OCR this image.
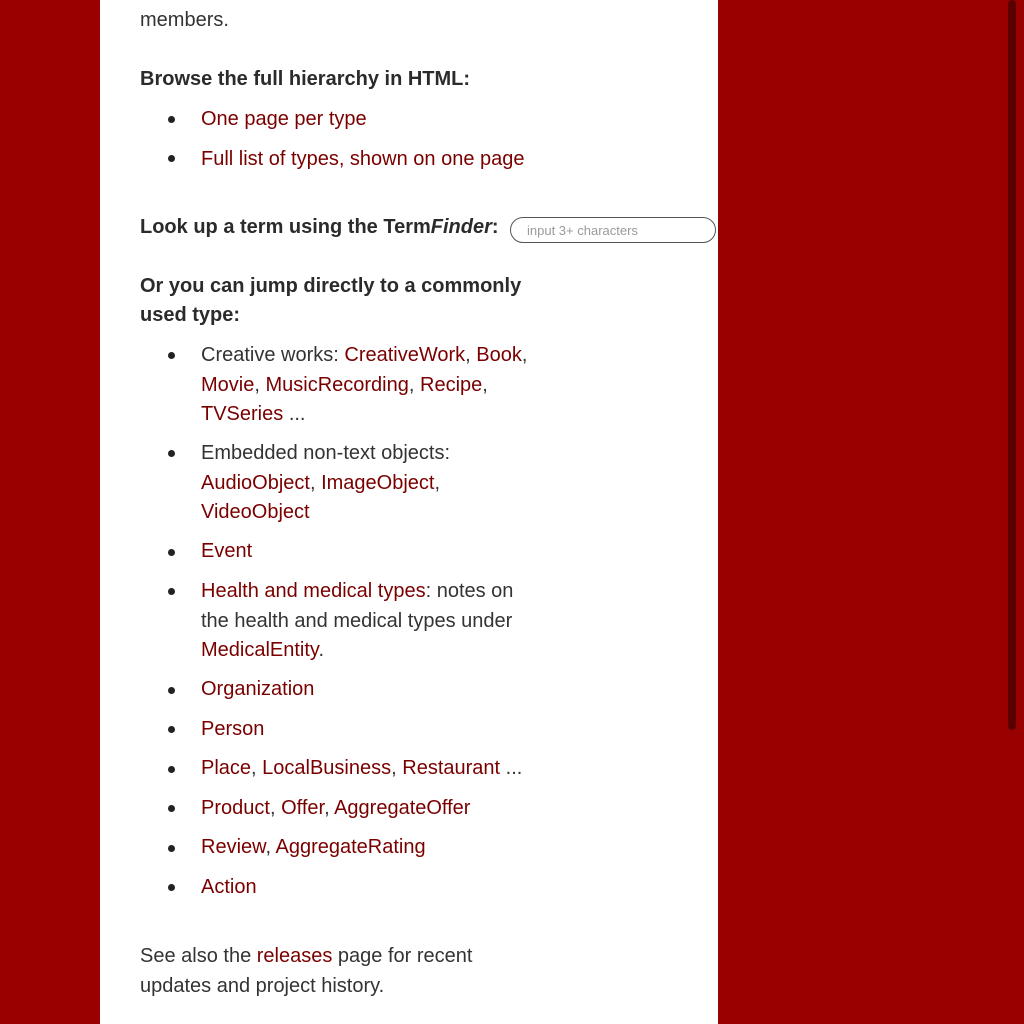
members.
Browse the full hierarchy in HTML:
One page per type
Full list of types, shown on one page
Look up a term using the TermFinder:
Or you can jump directly to a commonly
used type:
Creative works: CreativeWork, Book,
Movie, MusicRecording, Recipe,
TVSeries ...
Embedded non-text objects:
AudioObject, ImageObject,
VideoObject
Event
Health and medical types: notes on the health and medical types under MedicalEntity.
Organization
Person
Place, LocalBusiness, Restaurant ...
Product, Offer, AggregateOffer
Review, AggregateRating
Action
See also the releases page for recent
updates and project history.
input 3+ characters
